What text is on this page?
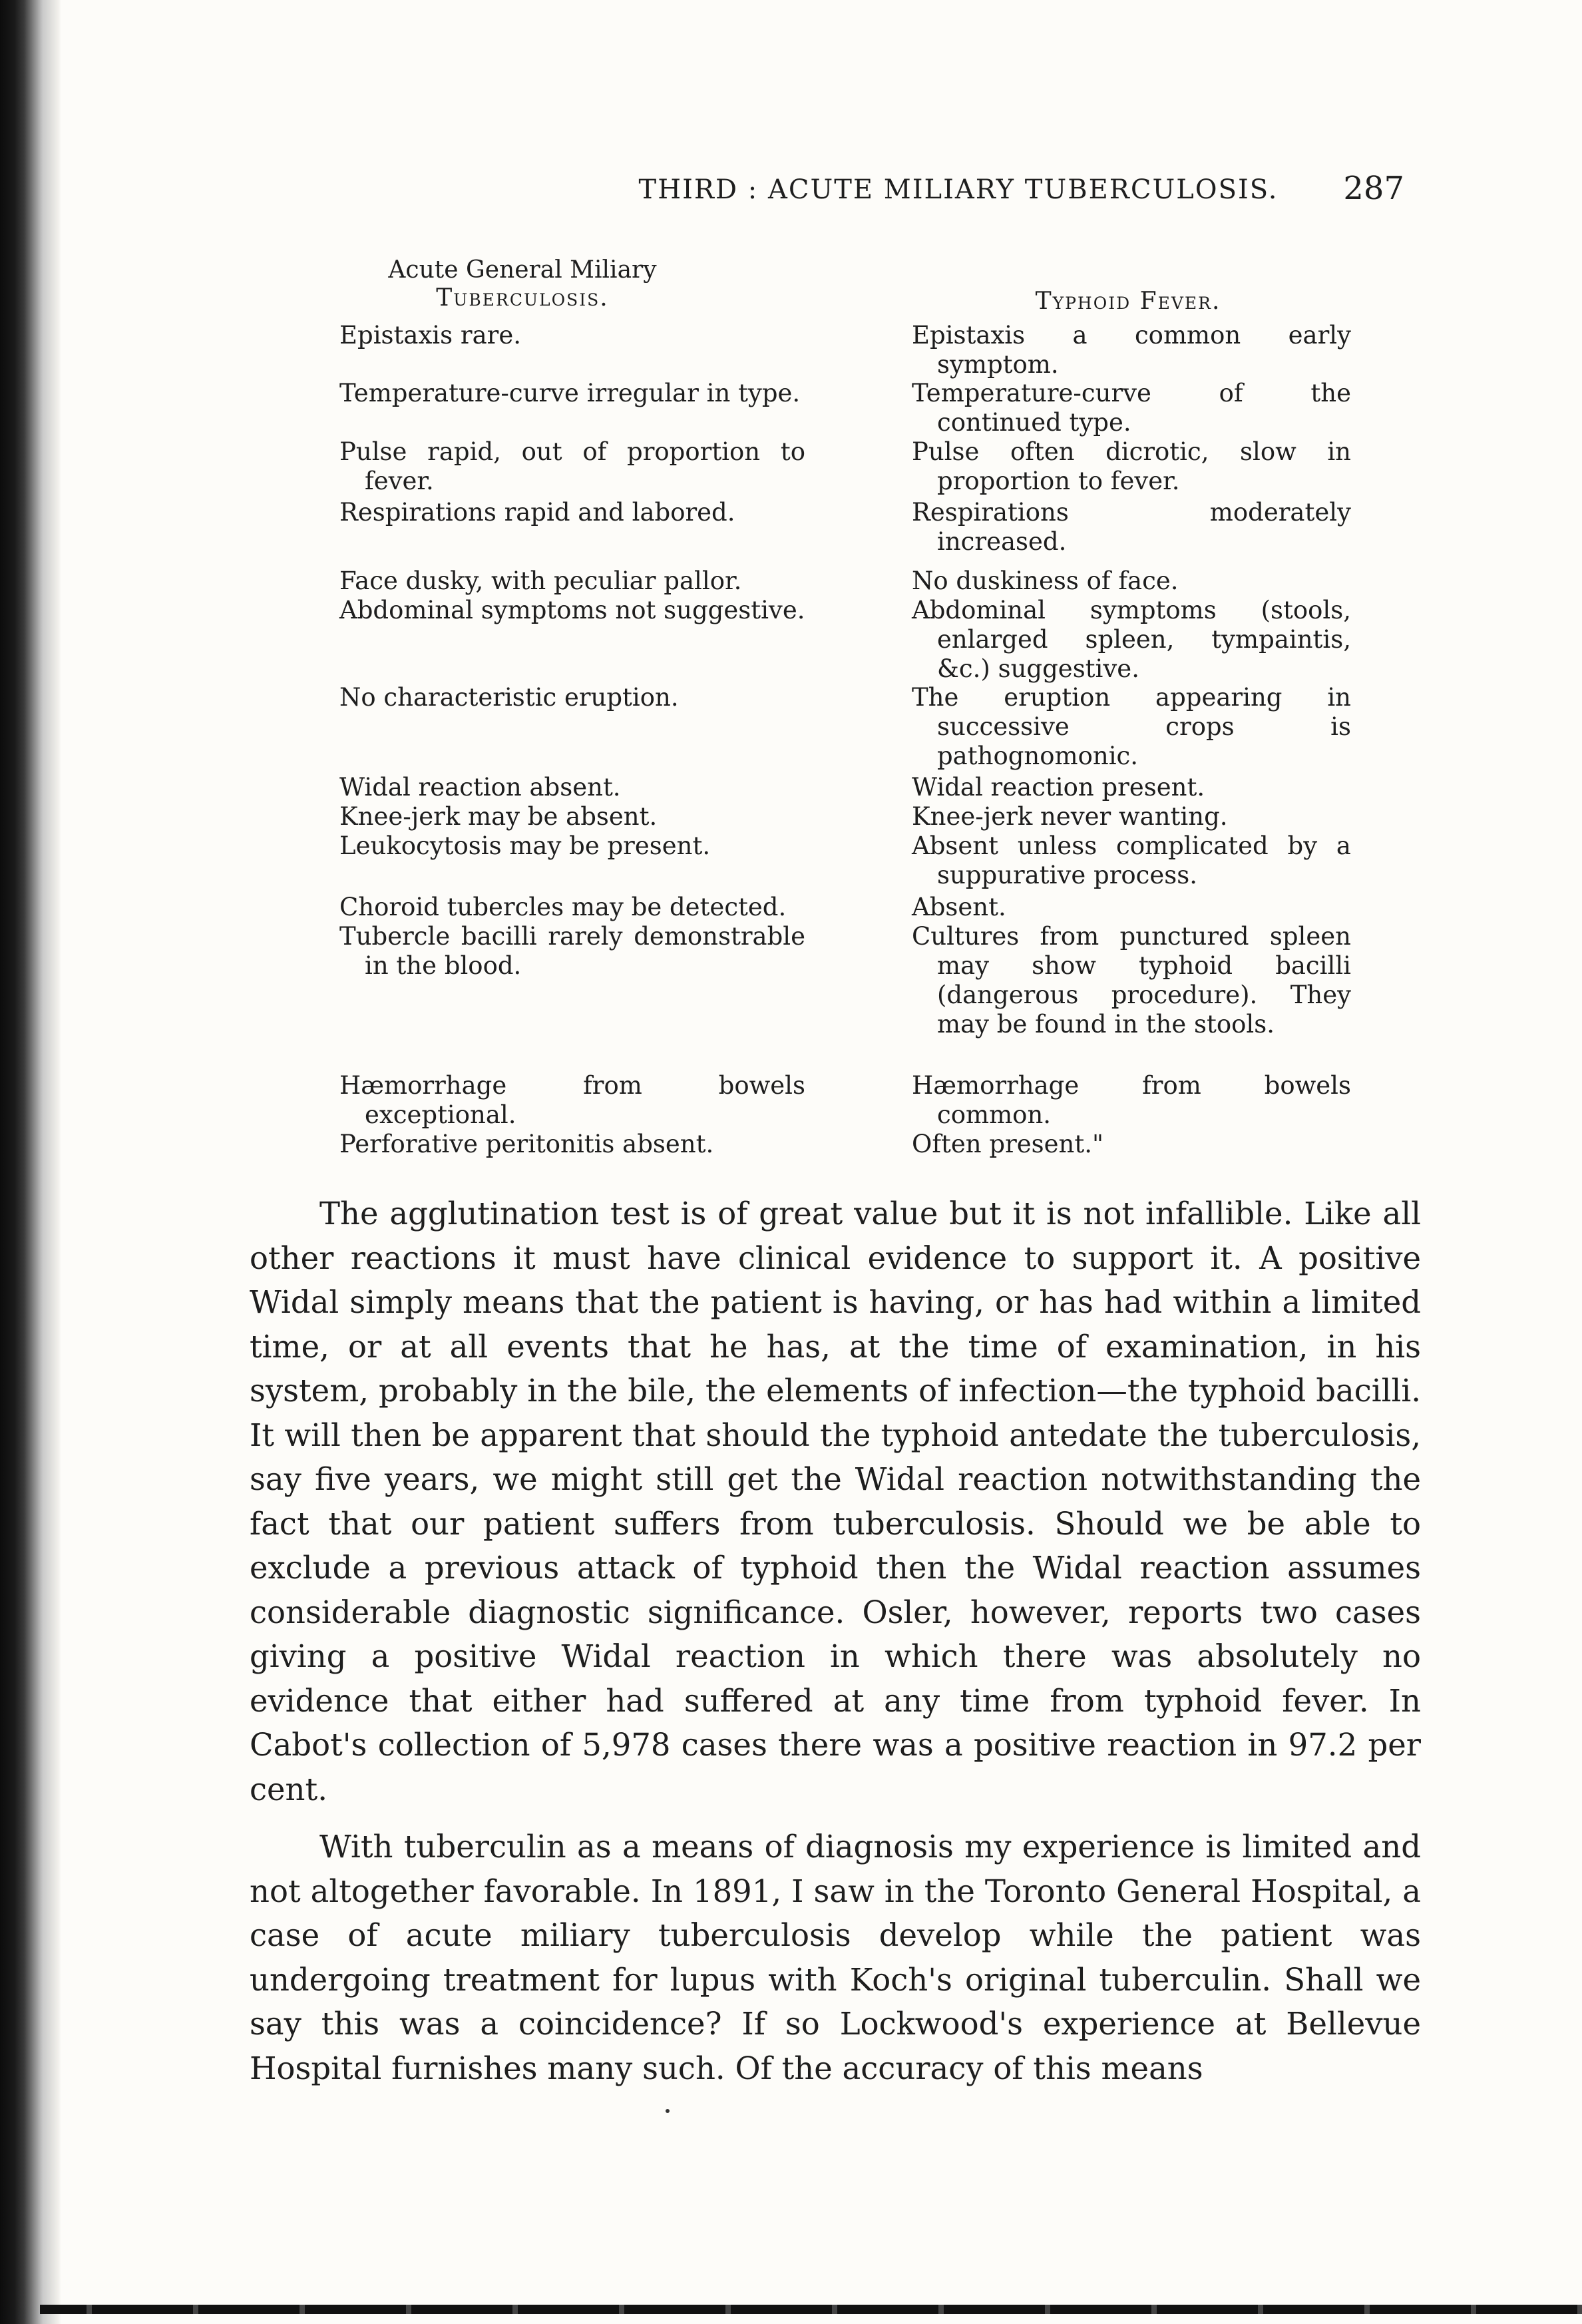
THIRD : ACUTE MILIARY TUBERCULOSIS.	287
Acute General Miliary
Tuberculosis.	Typhoid Fever.
Epistaxis rare.
Temperature-curve irregular in type.
Pulse rapid, out of proportion to fever.
Respirations rapid and labored.
Face dusky, with peculiar pallor.
Abdominal symptoms not suggestive.
No characteristic eruption.
Widal reaction absent.
Knee-jerk may be absent.
Leukocytosis may be present.
Choroid tubercles may be detected.
Tubercle bacilli rarely demonstrable in the blood.
Hæmorrhage from bowels exceptional.
Perforative peritonitis absent.
Epistaxis a common early symptom.
Temperature-curve of the continued type.
Pulse often dicrotic, slow in proportion to fever.
Respirations moderately increased.
No duskiness of face.
Abdominal symptoms (stools, enlarged spleen, tympaintis, &c.) suggestive.
The eruption appearing in successive crops is pathognomonic.
Widal reaction present.
Knee-jerk never wanting.
Absent unless complicated by a suppurative process.
Absent.
Cultures from punctured spleen may show typhoid bacilli (dangerous procedure). They may be found in the stools.
Hæmorrhage from bowels common.
Often present."

The agglutination test is of great value but it is not infallible. Like all other reactions it must have clinical evidence to support it. A positive Widal simply means that the patient is having, or has had within a limited time, or at all events that he has, at the time of examination, in his system, probably in the bile, the elements of infection—the typhoid bacilli. It will then be apparent that should the typhoid antedate the tuberculosis, say five years, we might still get the Widal reaction notwithstanding the fact that our patient suffers from tuberculosis. Should we be able to exclude a previous attack of typhoid then the Widal reaction assumes considerable diagnostic significance. Osler, however, reports two cases giving a positive Widal reaction in which there was absolutely no evidence that either had suffered at any time from typhoid fever. In Cabot's collection of 5,978 cases there was a positive reaction in 97.2 per cent.

With tuberculin as a means of diagnosis my experience is limited and not altogether favorable. In 1891, I saw in the Toronto General Hospital, a case of acute miliary tuberculosis develop while the patient was undergoing treatment for lupus with Koch's original tuberculin. Shall we say this was a coincidence? If so Lockwood's experience at Bellevue Hospital furnishes many such. Of the accuracy of this means
